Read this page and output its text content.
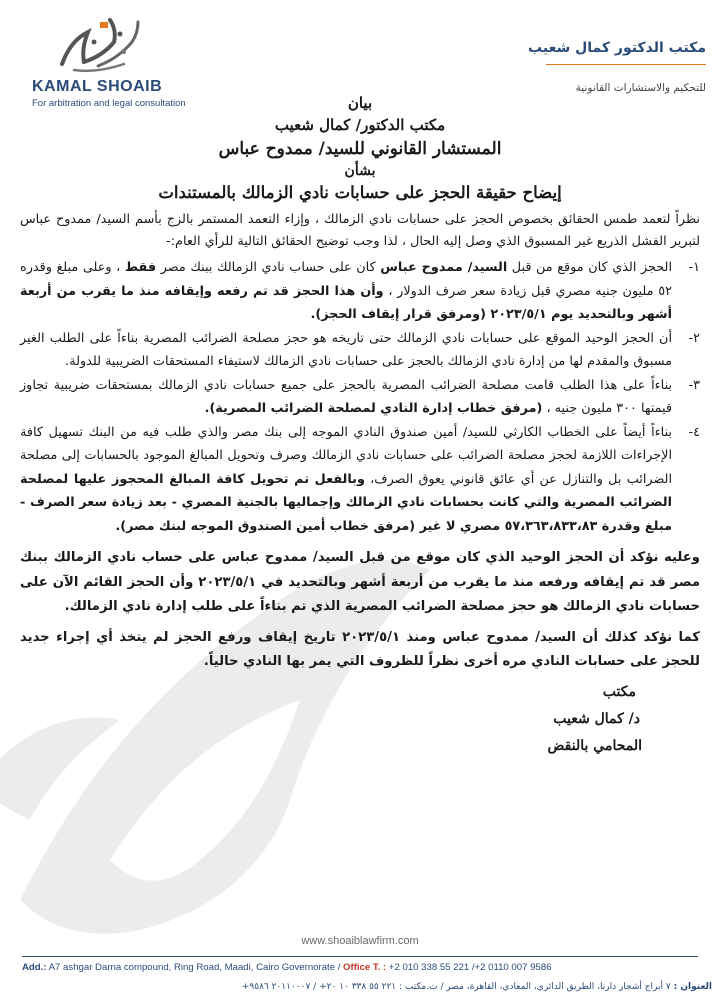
KAMAL SHOAIB
For arbitration and legal consultation
مكتب الدكتور كمال شعيب
للتحكيم والاستشارات القانونية

بيان

مكتب الدكتور/ كمال شعيب

المستشار القانوني للسيد/ ممدوح عباس

بشأن

إيضاح حقيقة الحجز على حسابات نادي الزمالك بالمستندات

نظراً لتعمد طمس الحقائق بخصوص الحجز على حسابات نادي الزمالك ، وإزاء التعمد المستمر بالزج بأسم السيد/ ممدوح عباس لتبرير الفشل الذريع غير المسبوق الذي وصل إليه الحال ، لذا وجب توضيح الحقائق التالية للرأي العام:-

١-
الحجز الذي كان موقع من قبل السيد/ ممدوح عباس كان على حساب نادي الزمالك ببنك مصر فقط ، وعلى مبلغ وقدره ٥٢ مليون جنيه مصري قبل زيادة سعر صرف الدولار ، وأن هذا الحجز قد تم رفعه وإيقافه منذ ما يقرب من أربعة أشهر وبالتحديد يوم ٢٠٢٣/٥/١ (ومرفق قرار إيقاف الحجز).
٢-
أن الحجز الوحيد الموقع على حسابات نادي الزمالك حتى تاريخه هو حجز مصلحة الضرائب المصرية بناءاً على الطلب الغير مسبوق والمقدم لها من إدارة نادي الزمالك بالحجز على حسابات نادي الزمالك لاستيفاء المستحقات الضريبية للدولة.
٣-
بناءاً على هذا الطلب قامت مصلحة الضرائب المصرية بالحجز على جميع حسابات نادي الزمالك بمستحقات ضريبية تجاوز قيمتها ٣٠٠ مليون جنيه ، (مرفق خطاب إدارة النادي لمصلحة الضرائب المصرية).
٤-
بناءاً أيضاً على الخطاب الكارثي للسيد/ أمين صندوق النادي الموجه إلى بنك مصر والذي طلب فيه من البنك تسهيل كافة الإجراءات اللازمة لحجز مصلحة الضرائب على حسابات نادي الزمالك وصرف وتحويل المبالغ الموجود بالحسابات إلى مصلحة الضرائب بل والتنازل عن أي عائق قانوني يعوق الصرف، وبالفعل تم تحويل كافة المبالغ المحجوز عليها لمصلحة الضرائب المصرية والتي كانت بحسابات نادي الزمالك وإجماليها بالجنية المصري - بعد زيادة سعر الصرف - مبلغ وقدرة ٥٧،٣٦٣،٨٣٣،٨٣ مصري لا غير (مرفق خطاب أمين الصندوق الموجه لبنك مصر).

وعليه نؤكد أن الحجز الوحيد الذي كان موقع من قبل السيد/ ممدوح عباس على حساب نادي الزمالك ببنك مصر قد تم إيقافه ورفعه منذ ما يقرب من أربعة أشهر وبالتحديد في ٢٠٢٣/٥/١ وأن الحجز القائم الآن على حسابات نادي الزمالك هو حجز مصلحة الضرائب المصرية الذي تم بناءاً على طلب إدارة نادي الزمالك.

كما نؤكد كذلك أن السيد/ ممدوح عباس ومنذ ٢٠٢٣/٥/١ تاريخ إيقاف ورفع الحجز لم يتخذ أي إجراء جديد للحجز على حسابات النادي مره أخرى نظراً للظروف التي يمر بها النادي حالياً.

مكتب

د/ كمال شعيب

المحامي بالنقض

www.shoaiblawfirm.com
Add.: A7 ashgar Darna compound, Ring Road, Maadi, Cairo Governorate / Office T. : +2 010 338 55 221 /+2 0110 007 9586
العنوان : ٧ أبراج أشجار دارنا، الطريق الدائري، المعادي، القاهرة، مصر / ت.مكتب : ٢٢١ ٥٥ ٣٣٨ ١٠ ٢٠+ / ٢٠١١٠٠٠٧ ٩٥٨٦+
